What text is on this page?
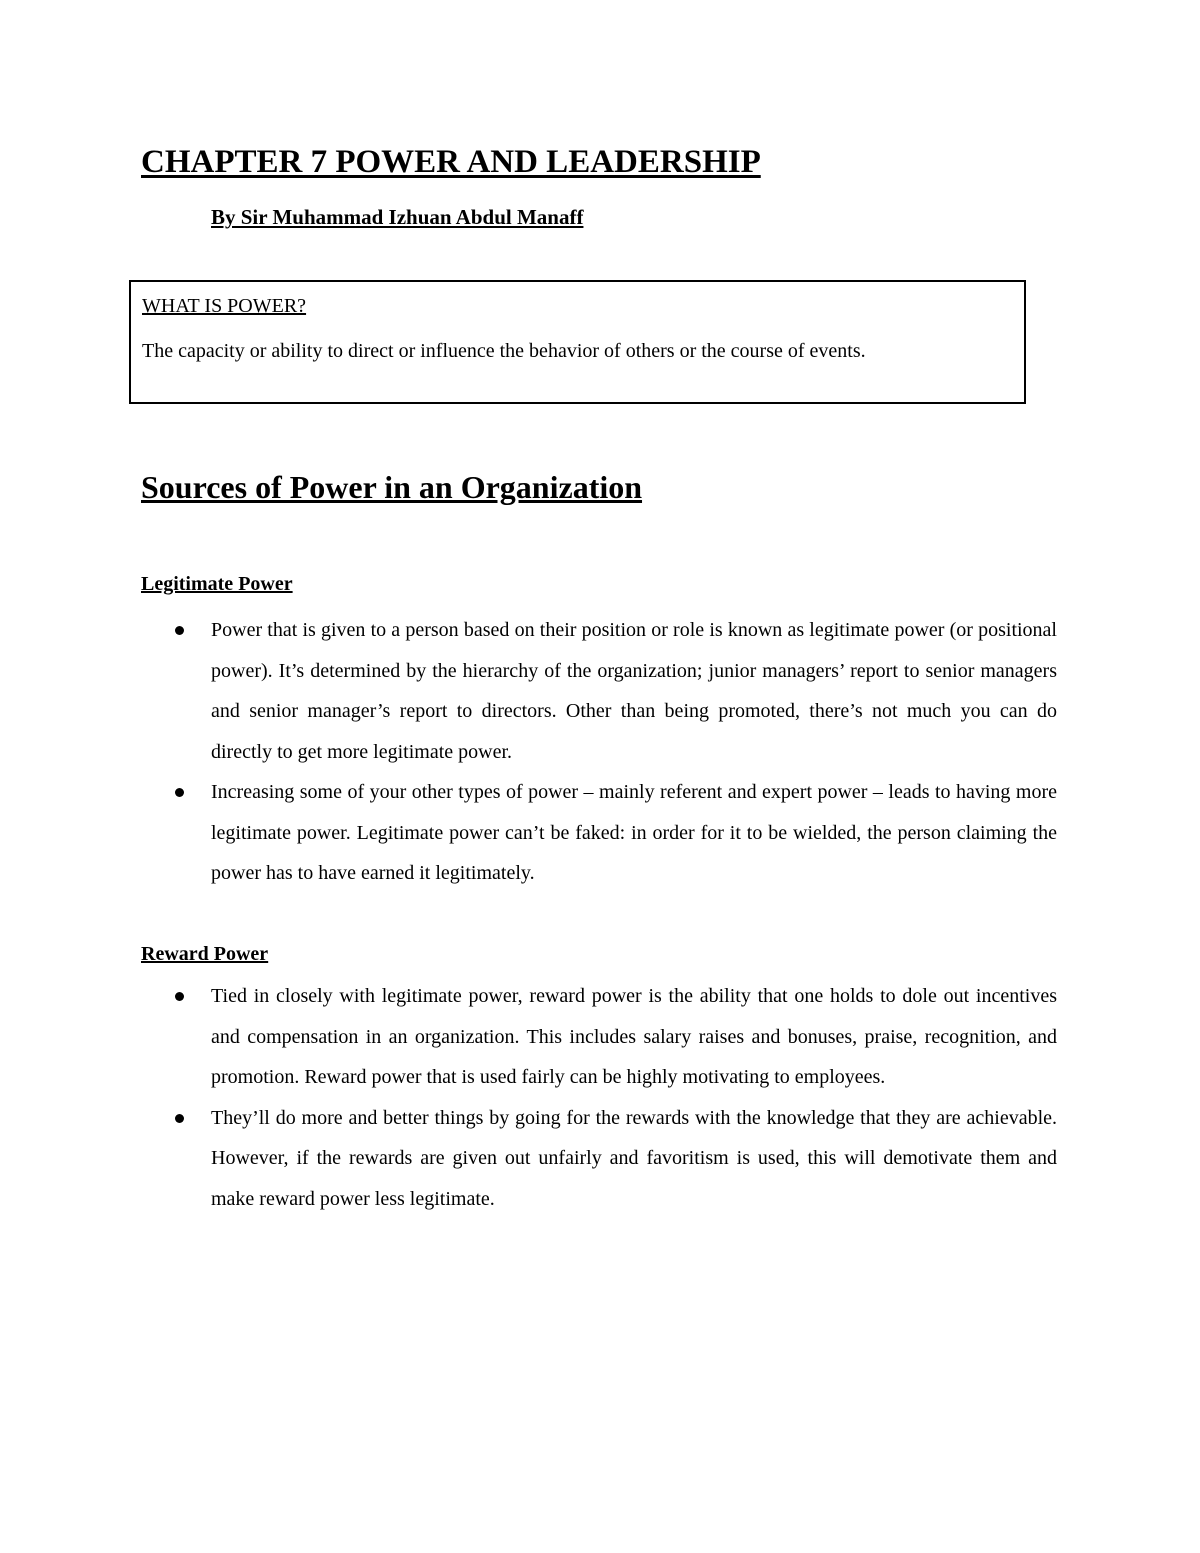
CHAPTER 7 POWER AND LEADERSHIP

By Sir Muhammad Izhuan Abdul Manaff

WHAT IS POWER?

The capacity or ability to direct or influence the behavior of others or the course of events.

Sources of Power in an Organization

Legitimate Power

Power that is given to a person based on their position or role is known as legitimate power (or positional power). It’s determined by the hierarchy of the organization; junior managers’ report to senior managers and senior manager’s report to directors. Other than being promoted, there’s not much you can do directly to get more legitimate power.
Increasing some of your other types of power – mainly referent and expert power – leads to having more legitimate power. Legitimate power can’t be faked: in order for it to be wielded, the person claiming the power has to have earned it legitimately.

Reward Power

Tied in closely with legitimate power, reward power is the ability that one holds to dole out incentives and compensation in an organization. This includes salary raises and bonuses, praise, recognition, and promotion. Reward power that is used fairly can be highly motivating to employees.
They’ll do more and better things by going for the rewards with the knowledge that they are achievable. However, if the rewards are given out unfairly and favoritism is used, this will demotivate them and make reward power less legitimate.
